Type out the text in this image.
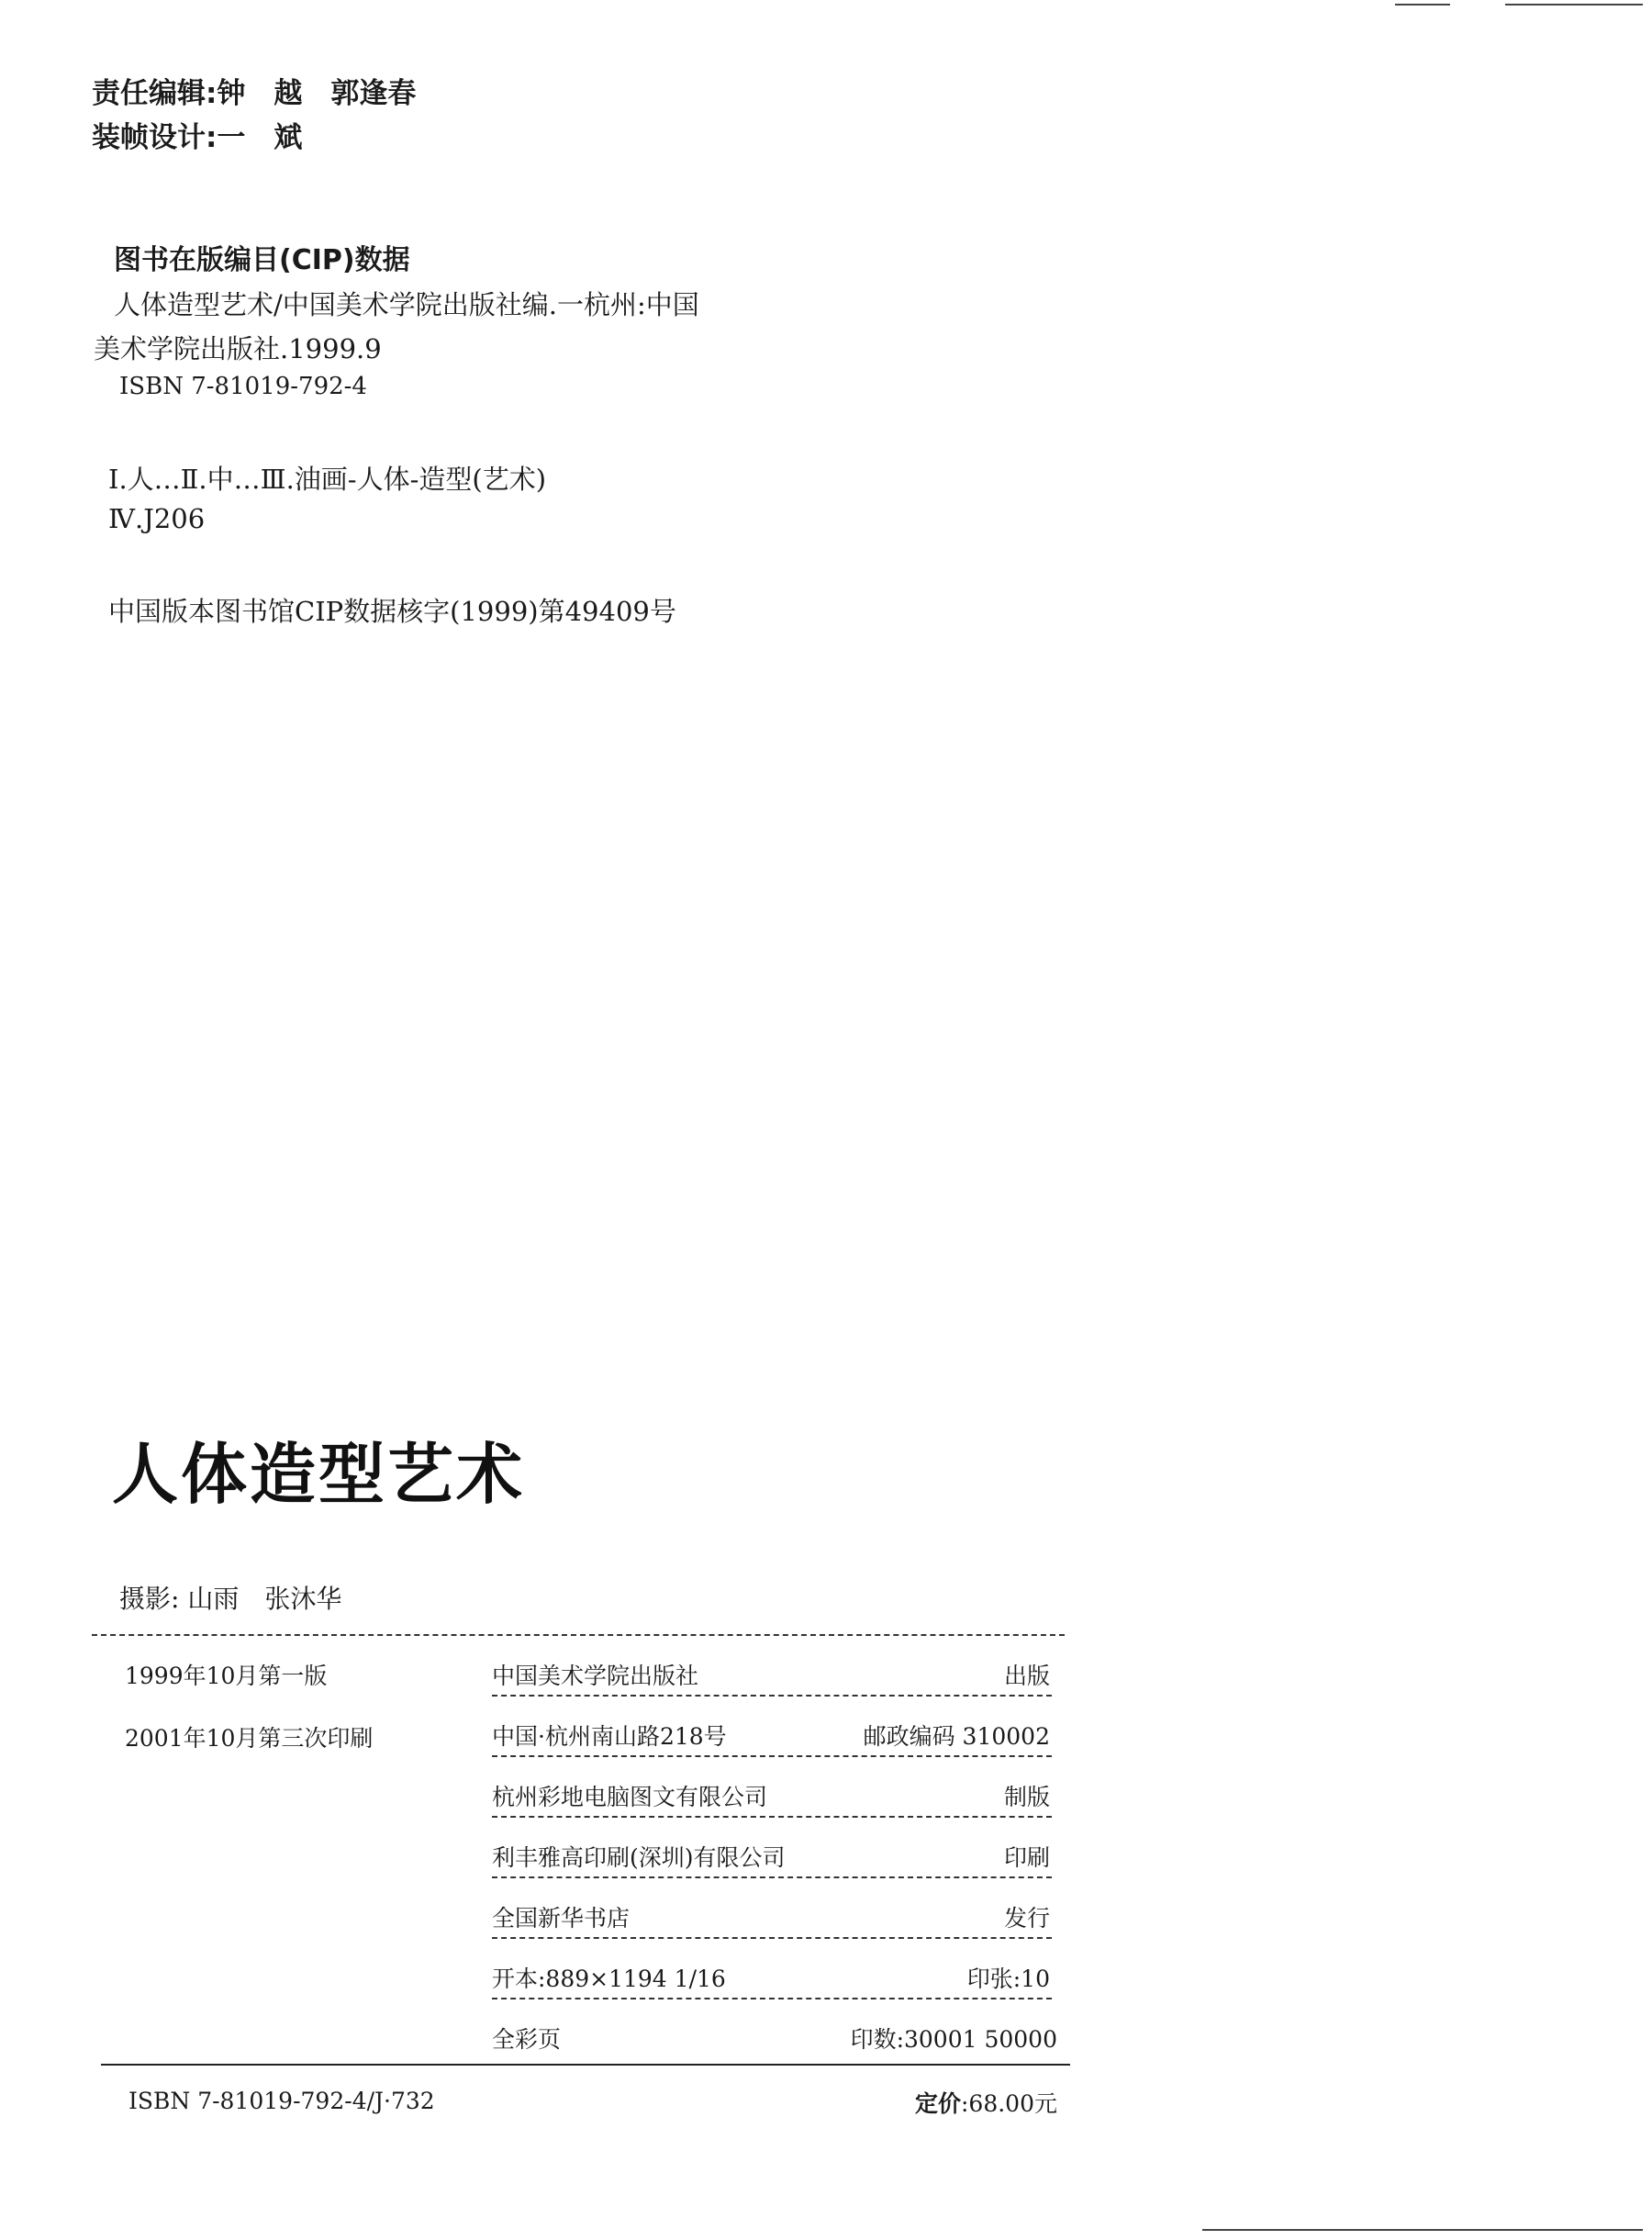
责任编辑:钟　越　郭逢春
装帧设计:一　斌
图书在版编目(CIP)数据
人体造型艺术/中国美术学院出版社编.一杭州:中国
美术学院出版社.1999.9
ISBN 7-81019-792-4
Ⅰ.人…Ⅱ.中…Ⅲ.油画-人体-造型(艺术)
Ⅳ.J206
中国版本图书馆CIP数据核字(1999)第49409号
人体造型艺术
摄影: 山雨　张沐华
1999年10月第一版
2001年10月第三次印刷
中国美术学院出版社	出版
中国·杭州南山路218号	邮政编码 310002
杭州彩地电脑图文有限公司	制版
利丰雅高印刷(深圳)有限公司	印刷
全国新华书店	发行
开本:889×1194 1/16	印张:10
全彩页	印数:30001 50000
ISBN 7-81019-792-4/J·732	定价:68.00元
